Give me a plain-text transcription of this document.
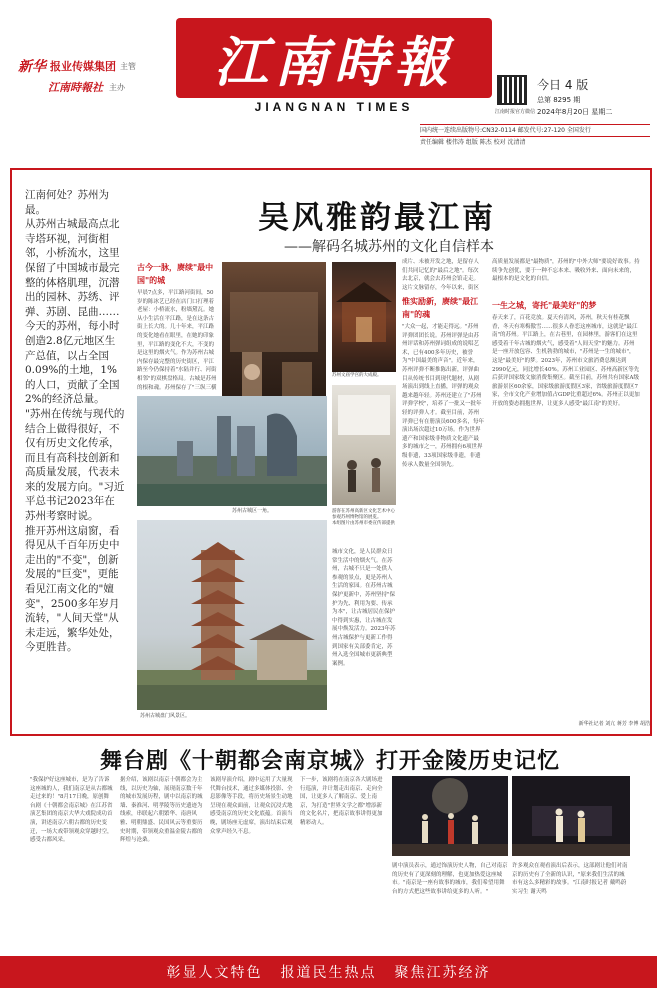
新华 报业传媒集团 主管
江南時報社 主办 江南時報
JIANGNAN TIMES	江南时报官方微信
今日 4 版
总第 8295 期
2024年8月20日 星期二
国内统一连续出版物号:CN32-0114 邮发代号:27-120 全国发行
责任编辑 楼伟涛 组版 陈杰 校对 沈清清
吴风雅韵最江南
——解码名城苏州的文化自信样本

江南何处？苏州为最。

从苏州古城最高点北寺塔环视，河街相邻，小桥流水，这里保留了中国城市最完整的体格肌理，沉潜出的园林、苏绣、评弹、苏剧、昆曲……

今天的苏州，每小时创造2.8亿元地区生产总值，以占全国0.09%的土地，1%的人口，贡献了全国2%的经济总量。

"苏州在传统与现代的结合上做得很好，不仅有历史文化传承，而且有高科技创新和高质量发展，代表未来的发展方向。"习近平总书记2023年在苏州考察时说。

推开苏州这扇窗，看得见从千百年历史中走出的"不变"，创新发展的"巨变"，更能看见江南文化的"嬗变"，2500多年岁月流转，"人间天堂"从未走远，繁华处处，今更胜昔。

苏州文庙学宫的大成殿。
游客在苏州高新区文化艺术中心参观苏州博物馆的展览。
苏州古城区一角。
苏州古城盘门风景区。
本组图片由苏州市委宣传部提供
古今一脉，赓续"最中国"的城
早晨7点多，平江路河街间，50岁的陈冰艺已经在店门口打理着老屋：小桥流水，粉墙黛瓦。她从小生活在平江路，是在这条古街上长大的。几十年来，平江路的变化她看在眼里，在她的印象里，平江路的变化不大，不变的是这里的烟火气。作为苏州古城内保存最完整的历史街区，平江路至今仍保持着"水陆并行、河街相邻"的双棋盘格局。古城是苏州的根和魂。苏州保存了"三纵三横
城市文化，是人民群众日常生活中的烟火气。在苏州，古城不只是一处供人参观的景点，更是苏州人生活的家园。在苏州古城保护更新中，苏州坚持"保护为先、利用为要、传承为本"，让古城居民在保护中得到实惠，让古城在发展中焕发活力。2023年苏州古城保护与更新工作得到国家有关部委肯定，苏州入选全国城市更新典型案例。
成片、未被开发之地，是留存人们共同记忆的"最后之地"。每次去北京，就会去苏州会馆走走。这片文脉留存，今年以来，街区
惟实励新，赓续"最江南"的魂
"大众一起，才能走得远。"苏州评弹团团长说。苏州评弹是由苏州评话和苏州弹词组成的说唱艺术，已有400多年历史，被誉为"中国最美的声音"。近年来，苏州评弹不断推陈出新，评弹曲目从传统书目到现代题材，从剧场演出到线上直播，评弹的观众越来越年轻。苏州还建立了"苏州评弹学校"，培养了一批又一批年轻的评弹人才。截至目前，苏州评弹已有在册演员600多名，每年演出场次超过10万场。作为世界遗产和国家级非物质文化遗产最多的城市之一，苏州拥有6项世界级非遗，33项国家级非遗，非遗传承人数量全国领先。
高质量发展都是"最物质"，苏州的"中外大师"要说好故事。持续争先创优，要于一种不忘本来、吸收外来、面向未来的，最根本的是文化的自信。
一生之城，寄托"最美好"的梦
春天来了，百花竞放。夏天有清风，苏州，秋天有桂花飘香，冬天有寒梅傲雪……很多人眷恋这座城市，这就是"最江南"的苏州。平江路上，在古巷里，在园林里，游客们在这里感受着千年古城的烟火气，感受着"人间天堂"的魅力。苏州是一座开放包容、生机勃勃的城市，"苏州是一生的城市"，这是"最美好"的梦。2023年，苏州市文旅消费总额达到2990亿元，同比增长40%。苏州工业园区、苏州高新区等先后获评国家级文旅消费集聚区。截至目前，苏州共有国家A级旅游景区60余家，国家级旅游度假区3家，省级旅游度假区7家，全市文化产业增加值占GDP比重超过6%。苏州正以更加开放的姿态拥抱世界，让更多人感受"最江南"的美好。
新华社记者 刘亢 蒋芳 李博 胡浩
舞台剧《十朝都会南京城》打开金陵历史记忆
"我保护好这座城市，是为了告诉这座城的人，我们南京是从古都城走过来的！"8月17日晚，原创舞台剧《十朝都会南京城》在江苏省演艺集团的南京大华大戏院成功首演，讲述南京六朝古都的历史变迁，一场大戏带领观众穿越时空，感受古都风采。
据介绍，该剧以南京十朝都会为主线，以历史为轴，展现南京数千年的城市发展历程，剧中以南京的城墙、秦淮河、明孝陵等历史遗迹为线索，串联起六朝繁华、南唐风雅、明朝鼎盛、民国风云等重要历史时期，带领观众重温金陵古都的辉煌与沧桑。
该剧导演介绍，剧中运用了大量现代舞台技术，通过多媒体投影、全息影像等手段，将历史场景生动地呈现在观众面前，让观众沉浸式地感受南京的历史文化底蕴。首演当晚，剧场座无虚席，演出结束后观众掌声经久不息。
下一步，该剧将在南京各大剧场进行巡演，并计划走出南京、走向全国，让更多人了解南京、爱上南京，为打造"世界文学之都"增添新的文化名片，把南京故事讲得更加精彩动人。
剧中演员表示，通过饰演历史人物，自己对南京的历史有了更深刻的理解，也更加热爱这座城市。"南京是一座有故事的城市，我们希望用舞台的方式把这些故事讲给更多的人听。"
许多观众在观看演出后表示，这部剧让他们对南京的历史有了全新的认识，"原来我们生活的城市有这么多精彩的故事。"江南时报记者 戴鸣蔚 实习生 谢天鸣
彰显人文特色 报道民生热点 聚焦江苏经济
